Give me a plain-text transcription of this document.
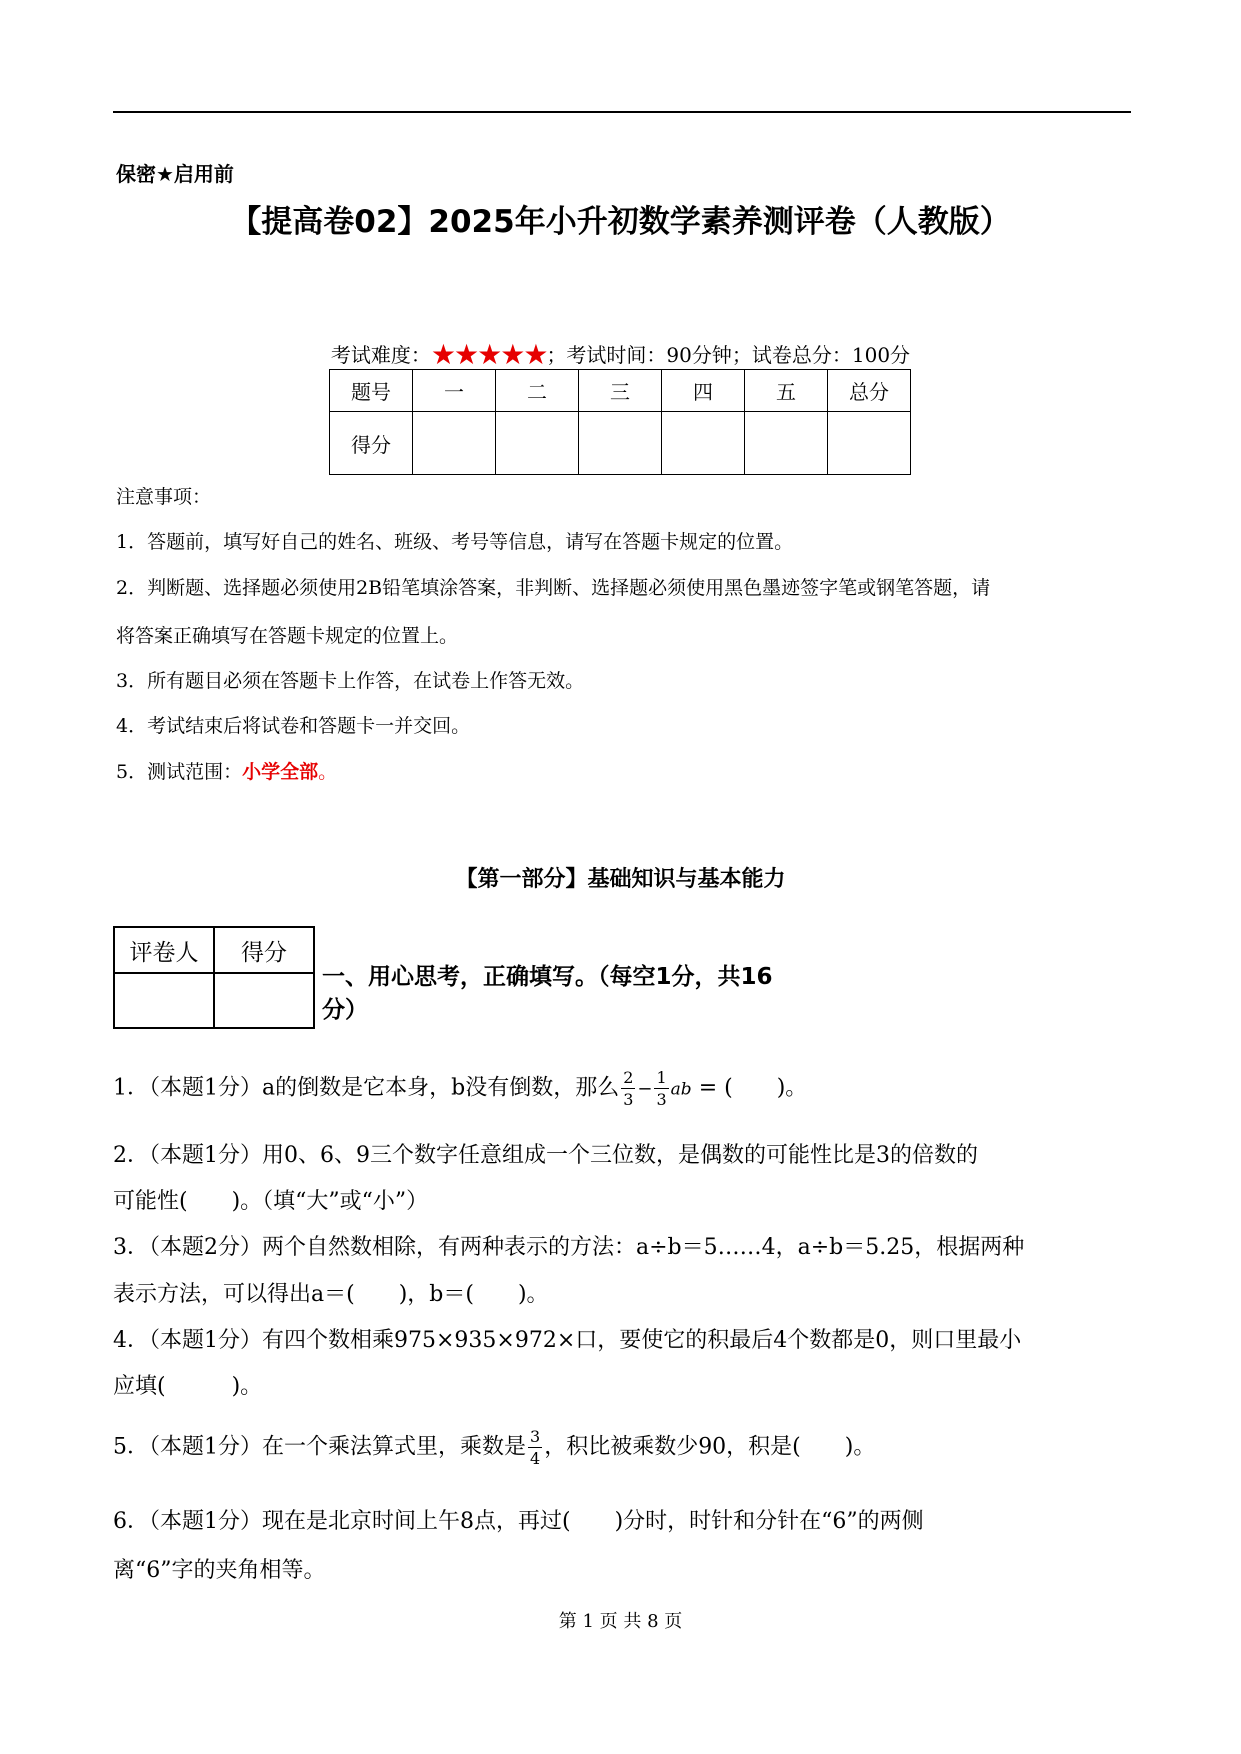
保密★启用前
【提高卷02】2025年小升初数学素养测评卷（人教版）
考试难度：★★★★★；考试时间：90分钟；试卷总分：100分
题号	一	二	三	四	五	总分
得分						
注意事项：
1．答题前，填写好自己的姓名、班级、考号等信息，请写在答题卡规定的位置。
2．判断题、选择题必须使用2B铅笔填涂答案，非判断、选择题必须使用黑色墨迹签字笔或钢笔答题，请
将答案正确填写在答题卡规定的位置上。
3．所有题目必须在答题卡上作答，在试卷上作答无效。
4．考试结束后将试卷和答题卡一并交回。
5．测试范围：小学全部。
【第一部分】基础知识与基本能力
评卷人	得分

一、用心思考，正确填写。（每空1分，共16
分）
1．（本题1分）a的倒数是它本身，b没有倒数，那么 $\frac{2}{3} - \frac{1}{3}$ ab = (　　)。
2．（本题1分）用0、6、9三个数字任意组成一个三位数，是偶数的可能性比是3的倍数的
可能性(　　)。（填“大”或“小”）
3．（本题2分）两个自然数相除，有两种表示的方法：a÷b＝5……4，a÷b＝5.25，根据两种
表示方法，可以得出a＝(　　)，b＝(　　)。
4．（本题1分）有四个数相乘975×935×972×口，要使它的积最后4个数都是0，则口里最小
应填(　　　)。
5．（本题1分）在一个乘法算式里，乘数是 $\frac{3}{4}$ ，积比被乘数少90，积是(　　)。
6．（本题1分）现在是北京时间上午8点，再过(　　)分时，时针和分针在“6”的两侧
离“6”字的夹角相等。
第 1 页 共 8 页
